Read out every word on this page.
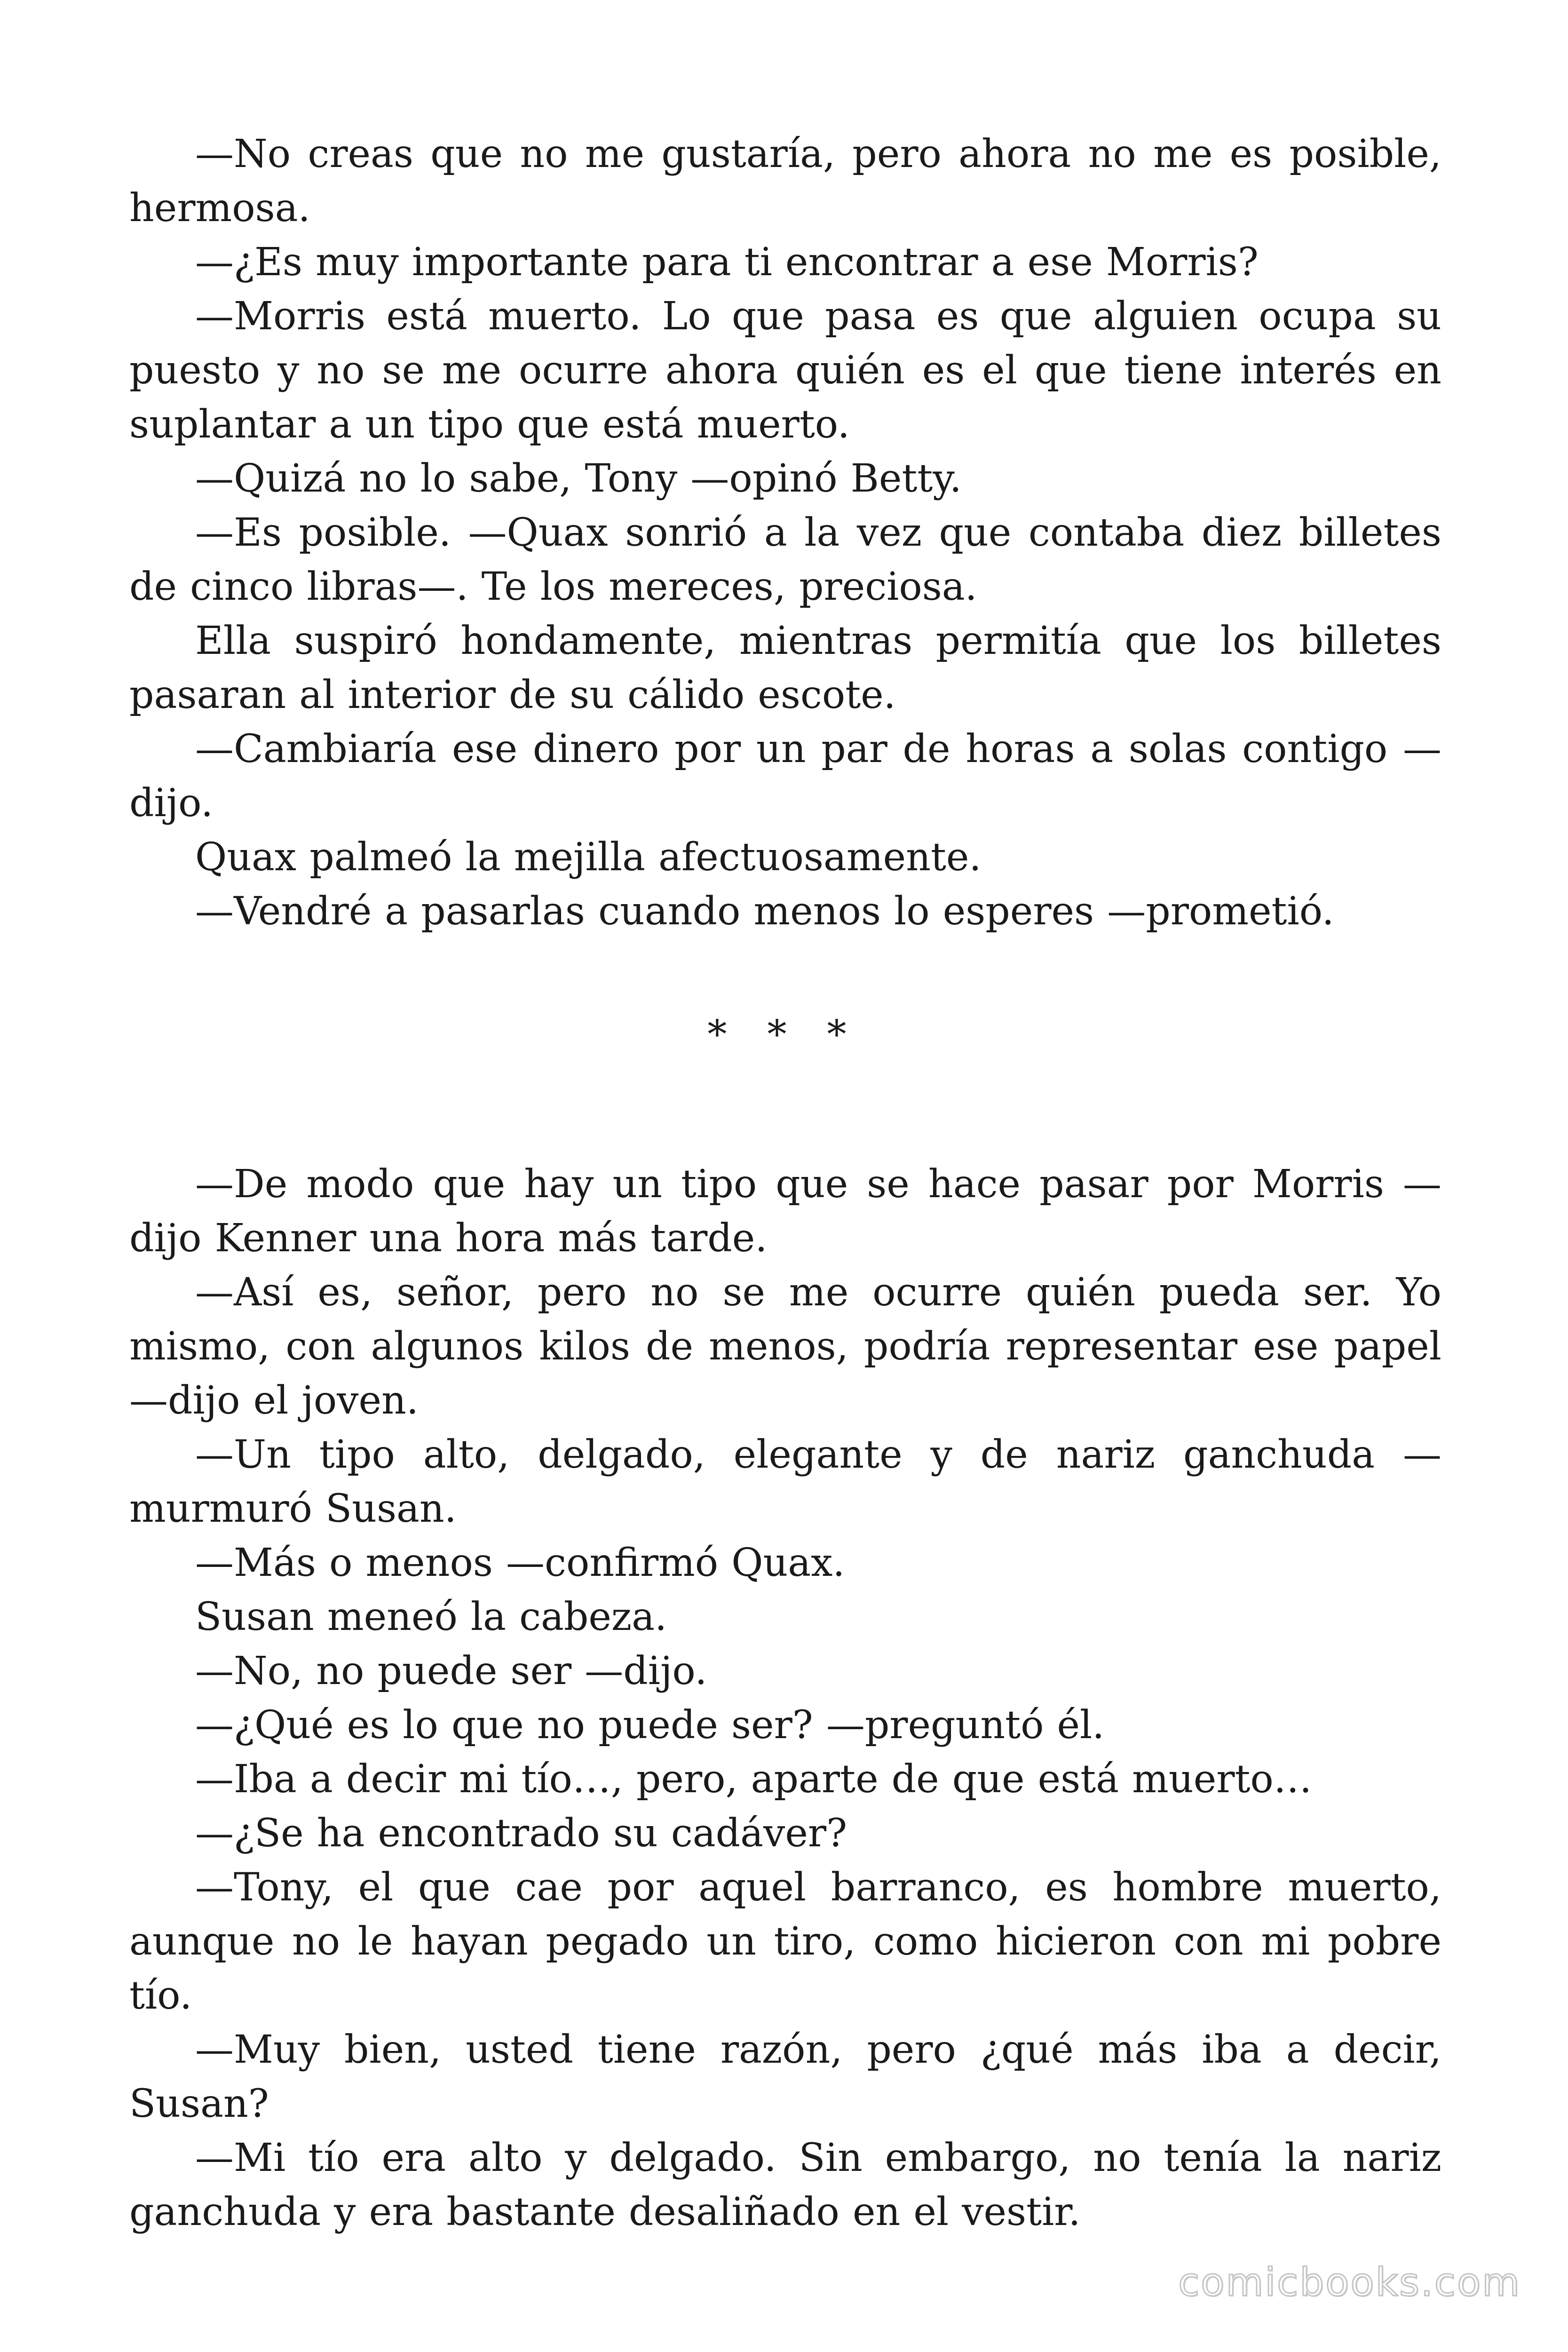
—No creas que no me gustaría, pero ahora no me es posible, hermosa.

—¿Es muy importante para ti encontrar a ese Morris?

—Morris está muerto. Lo que pasa es que alguien ocupa su puesto y no se me ocurre ahora quién es el que tiene interés en suplantar a un tipo que está muerto.

—Quizá no lo sabe, Tony —opinó Betty.

—Es posible. —Quax sonrió a la vez que contaba diez billetes de cinco libras—. Te los mereces, preciosa.

Ella suspiró hondamente, mientras permitía que los billetes pasaran al interior de su cálido escote.

—Cambiaría ese dinero por un par de horas a solas contigo —dijo.

Quax palmeó la mejilla afectuosamente.

—Vendré a pasarlas cuando menos lo esperes —prometió.

* * *

—De modo que hay un tipo que se hace pasar por Morris —dijo Kenner una hora más tarde.

—Así es, señor, pero no se me ocurre quién pueda ser. Yo mismo, con algunos kilos de menos, podría representar ese papel —dijo el joven.

—Un tipo alto, delgado, elegante y de nariz ganchuda —murmuró Susan.

—Más o menos —confirmó Quax.

Susan meneó la cabeza.

—No, no puede ser —dijo.

—¿Qué es lo que no puede ser? —preguntó él.

—Iba a decir mi tío…, pero, aparte de que está muerto…

—¿Se ha encontrado su cadáver?

—Tony, el que cae por aquel barranco, es hombre muerto, aunque no le hayan pegado un tiro, como hicieron con mi pobre tío.

—Muy bien, usted tiene razón, pero ¿qué más iba a decir, Susan?

—Mi tío era alto y delgado. Sin embargo, no tenía la nariz ganchuda y era bastante desaliñado en el vestir.

comicbooks.com
